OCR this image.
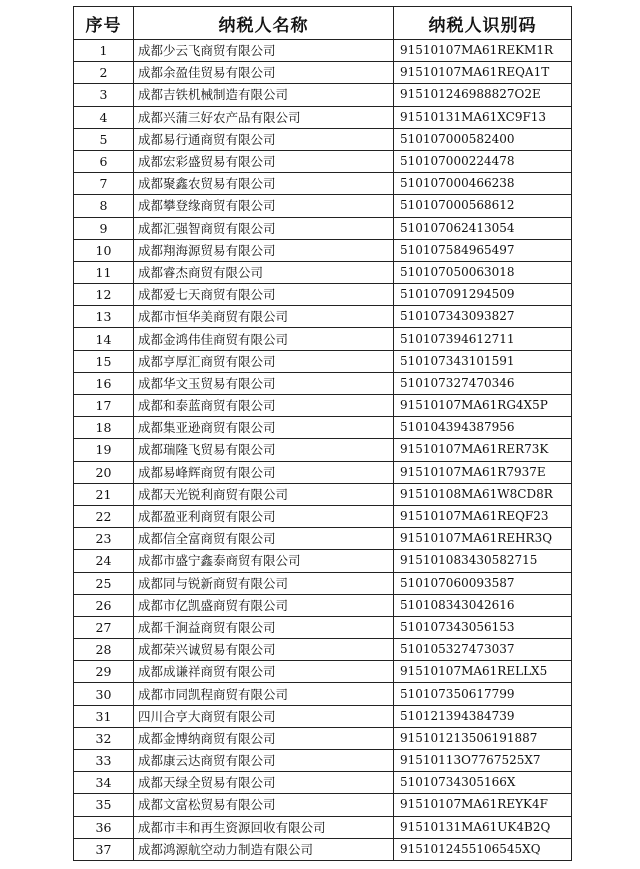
序号	纳税人名称	纳税人识别码
1	成都少云飞商贸有限公司	91510107MA61REKM1R
2	成都余盈佳贸易有限公司	91510107MA61REQA1T
3	成都吉铁机械制造有限公司	915101246988827O2E
4	成都兴蒲三好农产品有限公司	91510131MA61XC9F13
5	成都易行通商贸有限公司	510107000582400
6	成都宏彩盛贸易有限公司	510107000224478
7	成都聚鑫农贸易有限公司	510107000466238
8	成都攀登缘商贸有限公司	510107000568612
9	成都汇强智商贸有限公司	510107062413054
10	成都翔海源贸易有限公司	510107584965497
11	成都睿杰商贸有限公司	510107050063018
12	成都爱七天商贸有限公司	510107091294509
13	成都市恒华美商贸有限公司	510107343093827
14	成都金鸿伟佳商贸有限公司	510107394612711
15	成都亨厚汇商贸有限公司	510107343101591
16	成都华文玉贸易有限公司	510107327470346
17	成都和泰蓝商贸有限公司	91510107MA61RG4X5P
18	成都集亚逊商贸有限公司	510104394387956
19	成都瑞隆飞贸易有限公司	91510107MA61RER73K
20	成都易峰辉商贸有限公司	91510107MA61R7937E
21	成都天光锐利商贸有限公司	91510108MA61W8CD8R
22	成都盈亚利商贸有限公司	91510107MA61REQF23
23	成都信全富商贸有限公司	91510107MA61REHR3Q
24	成都市盛宁鑫泰商贸有限公司	915101083430582715
25	成都同与锐新商贸有限公司	510107060093587
26	成都市亿凯盛商贸有限公司	510108343042616
27	成都千涧益商贸有限公司	510107343056153
28	成都荣兴诚贸易有限公司	510105327473037
29	成都成谦祥商贸有限公司	91510107MA61RELLX5
30	成都市同凯程商贸有限公司	510107350617799
31	四川合亨大商贸有限公司	510121394384739
32	成都金博纳商贸有限公司	915101213506191887
33	成都康云达商贸有限公司	91510113O7767525X7
34	成都天绿全贸易有限公司	51010734305166X
35	成都文富松贸易有限公司	91510107MA61REYK4F
36	成都市丰和再生资源回收有限公司	91510131MA61UK4B2Q
37	成都鸿源航空动力制造有限公司	9151012455106545XQ
